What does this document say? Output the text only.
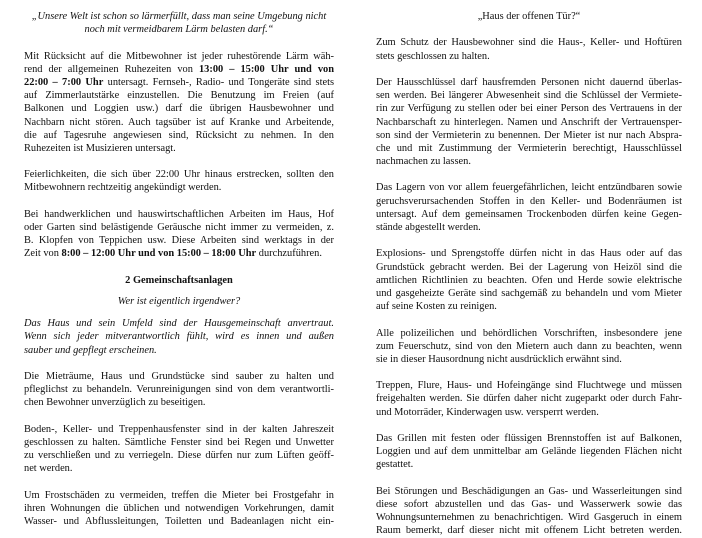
„Unsere Welt ist schon so lärmerfüllt, dass man seine Umgebung nicht
noch mit vermeidbarem Lärm belasten darf.“
Mit Rücksicht auf die Mitbewohner ist jeder ruhestörende Lärm wäh-
rend der allgemeinen Ruhezeiten von 13:00 – 15:00 Uhr und von
22:00 – 7:00 Uhr untersagt. Fernseh-, Radio- und Tongeräte sind stets
auf Zimmerlautstärke einzustellen. Die Benutzung im Freien (auf
Balkonen und Loggien usw.) darf die übrigen Hausbewohner und
Nachbarn nicht stören. Auch tagsüber ist auf Kranke und Arbeitende,
die auf Tagesruhe angewiesen sind, Rücksicht zu nehmen. In den
Ruhezeiten ist Musizieren untersagt.
Feierlichkeiten, die sich über 22:00 Uhr hinaus erstrecken, sollten den
Mitbewohnern rechtzeitig angekündigt werden.
Bei handwerklichen und hauswirtschaftlichen Arbeiten im Haus, Hof
oder Garten sind belästigende Geräusche nicht immer zu vermeiden, z.
B. Klopfen von Teppichen usw. Diese Arbeiten sind werktags in der
Zeit von 8:00 – 12:00 Uhr und von 15:00 – 18:00 Uhr durchzuführen.
2 Gemeinschaftsanlagen
Wer ist eigentlich irgendwer?
Das Haus und sein Umfeld sind der Hausgemeinschaft anvertraut.
Wenn sich jeder mitverantwortlich fühlt, wird es innen und außen
sauber und gepflegt erscheinen.
Die Mieträume, Haus und Grundstücke sind sauber zu halten und
pfleglichst zu behandeln. Verunreinigungen sind von dem verantwortli-
chen Bewohner unverzüglich zu beseitigen.
Boden-, Keller- und Treppenhausfenster sind in der kalten Jahreszeit
geschlossen zu halten. Sämtliche Fenster sind bei Regen und Unwetter
zu verschließen und zu verriegeln. Diese dürfen nur zum Lüften geöff-
net werden.
Um Frostschäden zu vermeiden, treffen die Mieter bei Frostgefahr in
ihren Wohnungen die üblichen und notwendigen Vorkehrungen, damit
Wasser- und Abflussleitungen, Toiletten und Badeanlagen nicht ein-
„Haus der offenen Tür?“
Zum Schutz der Hausbewohner sind die Haus-, Keller- und Hoftüren
stets geschlossen zu halten.
Der Hausschlüssel darf hausfremden Personen nicht dauernd überlas-
sen werden. Bei längerer Abwesenheit sind die Schlüssel der Vermiete-
rin zur Verfügung zu stellen oder bei einer Person des Vertrauens in der
Nachbarschaft zu hinterlegen. Namen und Anschrift der Vertrauensper-
son sind der Vermieterin zu benennen. Der Mieter ist nur nach Abspra-
che und mit Zustimmung der Vermieterin berechtigt, Hausschlüssel
nachmachen zu lassen.
Das Lagern von vor allem feuergefährlichen, leicht entzündbaren sowie
geruchsverursachenden Stoffen in den Keller- und Bodenräumen ist
untersagt. Auf dem gemeinsamen Trockenboden dürfen keine Gegen-
stände abgestellt werden.
Explosions- und Sprengstoffe dürfen nicht in das Haus oder auf das
Grundstück gebracht werden. Bei der Lagerung von Heizöl sind die
amtlichen Richtlinien zu beachten. Ofen und Herde sowie elektrische
und gasgeheizte Geräte sind sachgemäß zu behandeln und vom Mieter
auf seine Kosten zu reinigen.
Alle polizeilichen und behördlichen Vorschriften, insbesondere jene
zum Feuerschutz, sind von den Mietern auch dann zu beachten, wenn
sie in dieser Hausordnung nicht ausdrücklich erwähnt sind.
Treppen, Flure, Haus- und Hofeingänge sind Fluchtwege und müssen
freigehalten werden. Sie dürfen daher nicht zugeparkt oder durch Fahr-
und Motorräder, Kinderwagen usw. versperrt werden.
Das Grillen mit festen oder flüssigen Brennstoffen ist auf Balkonen,
Loggien und auf dem unmittelbar am Gelände liegenden Flächen nicht
gestattet.
Bei Störungen und Beschädigungen an Gas- und Wasserleitungen sind
diese sofort abzustellen und das Gas- und Wasserwerk sowie das
Wohnungsunternehmen zu benachrichtigen. Wird Gasgeruch in einem
Raum bemerkt, darf dieser nicht mit offenem Licht betreten werden.
